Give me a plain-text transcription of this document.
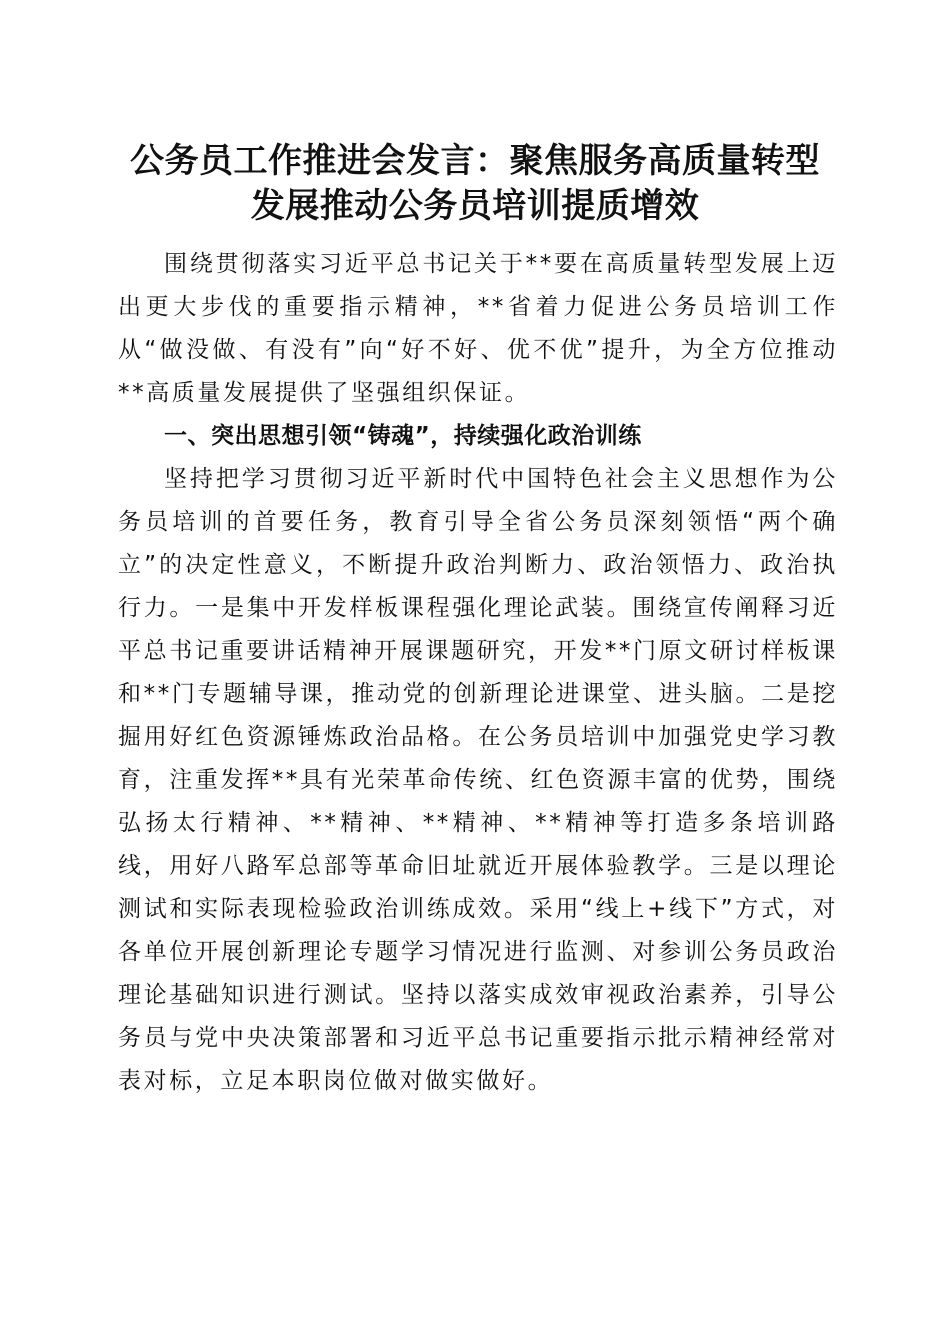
公务员工作推进会发言：聚焦服务高质量转型
发展推动公务员培训提质增效

围绕贯彻落实习近平总书记关于**要在高质量转型发展上迈出更大步伐的重要指示精神，**省着力促进公务员培训工作从“做没做、有没有”向“好不好、优不优”提升，为全方位推动**高质量发展提供了坚强组织保证。

一、突出思想引领“铸魂”，持续强化政治训练

坚持把学习贯彻习近平新时代中国特色社会主义思想作为公务员培训的首要任务，教育引导全省公务员深刻领悟“两个确立”的决定性意义，不断提升政治判断力、政治领悟力、政治执行力。一是集中开发样板课程强化理论武装。围绕宣传阐释习近平总书记重要讲话精神开展课题研究，开发**门原文研讨样板课和**门专题辅导课，推动党的创新理论进课堂、进头脑。二是挖掘用好红色资源锤炼政治品格。在公务员培训中加强党史学习教育，注重发挥**具有光荣革命传统、红色资源丰富的优势，围绕弘扬太行精神、**精神、**精神、**精神等打造多条培训路线，用好八路军总部等革命旧址就近开展体验教学。三是以理论测试和实际表现检验政治训练成效。采用“线上+线下”方式，对各单位开展创新理论专题学习情况进行监测、对参训公务员政治理论基础知识进行测试。坚持以落实成效审视政治素养，引导公务员与党中央决策部署和习近平总书记重要指示批示精神经常对表对标，立足本职岗位做对做实做好。
